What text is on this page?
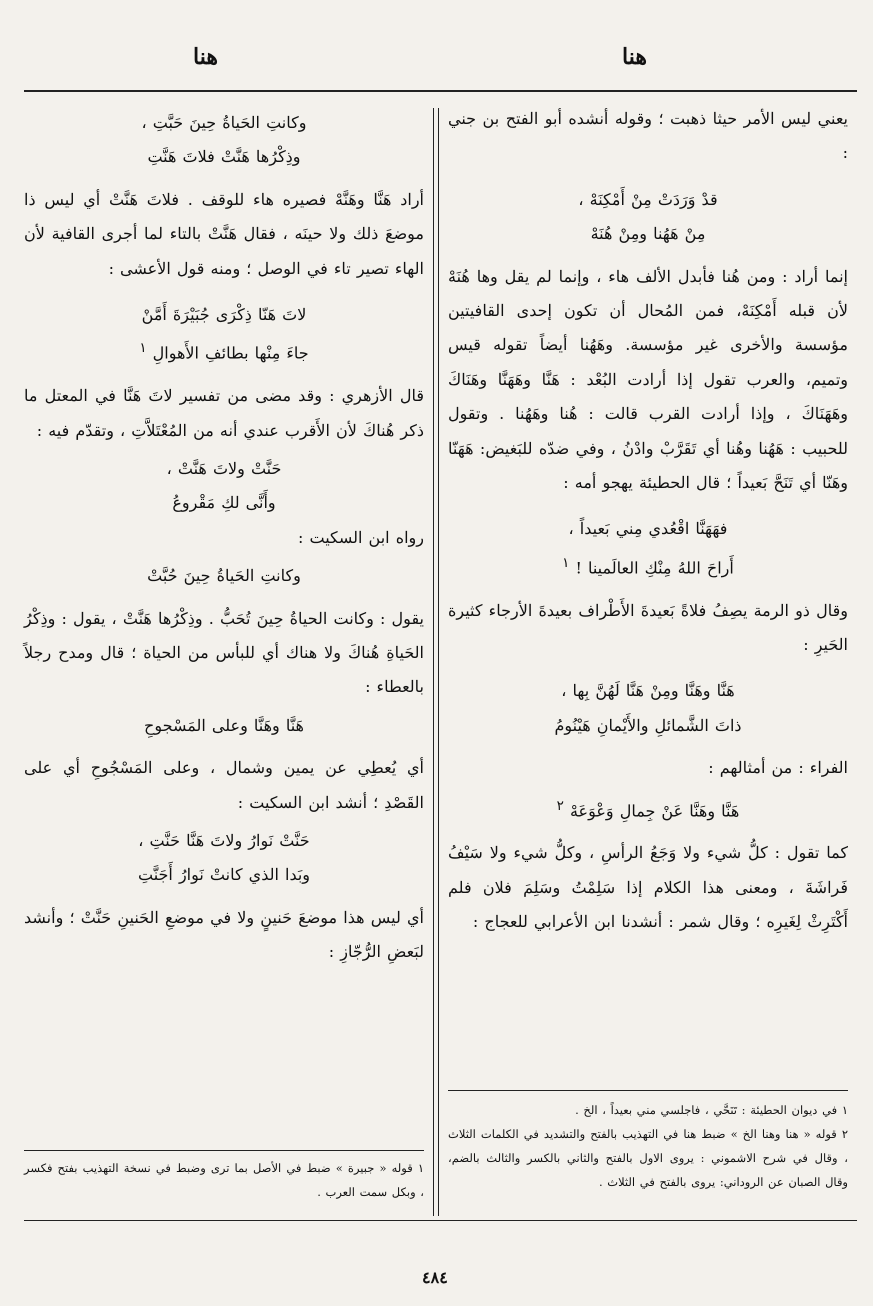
هنا
هنا

يعني ليس الأمر حيثا ذهبت ؛ وقوله أنشده أبو الفتح بن جني :

قدْ وَرَدَتْ مِنْ أَمْكِنَهْ ،

مِنْ هَهُنا ومِنْ هُنَهْ

إنما أراد : ومن هُنا فأبدل الألف هاء ، وإنما لم يقل وها هُنَهْ لأن قبله أَمْكِنَهْ، فمن المُحال أن تكون إحدى القافيتين مؤسسة والأخرى غير مؤسسة. وهَهُنا أيضاً تقوله قيس وتميم، والعرب تقول إذا أرادت البُعْد : هَنَّا وهَهَنَّا وهَنَاكَ وهَهَنَاكَ ، وإذا أرادت القرب قالت : هُنا وهَهُنا . وتقول للحبيب : هَهُنا وهُنا أي تَقَرَّبْ وادْنُ ، وفي ضدّه للبَغيض: هَهَنّا وهَنّا أي تَنَحَّ بَعيداً ؛ قال الحطيئة يهجو أمه :

فهَهَنَّا اقْعُدي مِني بَعيداً ،

أَراحَ اللهُ مِنْكِ العالَمينا ! $^١$

وقال ذو الرمة يصِفُ فلاةً بَعيدةَ الأَطْراف بعيدةَ الأرجاء كثيرة الحَيرِ :

هَنَّا وهَنَّا ومِنْ هَنَّا لَهُنَّ بِها ،

ذاتَ الشَّمائلِ والأَيْمانِ هَيْنُومُ

الفراء : من أمثالهم :

هَنَّا وهَنَّا عَنْ جِمالِ وَعْوَعَهْ $^٢$

كما تقول : كلُّ شيء ولا وَجَعُ الرأسِ ، وكلُّ شيء ولا سَيْفُ فَراشَةَ ، ومعنى هذا الكلام إذا سَلِمْتُ وسَلِمَ فلان فلم أَكْتَرِثْ لِغَيرِه ؛ وقال شمر : أنشدنا ابن الأعرابي للعجاج :

١ في ديوان الحطيئة : تَنَحَّي ، فاجلسي مني بعيداً ، الخ .

٢ قوله « هنا وهنا الخ » ضبط هنا في التهذيب بالفتح والتشديد في الكلمات الثلاث ، وقال في شرح الاشموني : يروى الاول بالفتح والثاني بالكسر والثالث بالضم، وقال الصبان عن الروداني: يروى بالفتح في الثلاث .

وكانتِ الحَياةُ حِينَ حَبَّتِ ،

وذِكْرُها هَنَّتْ فلاتَ هَنَّتِ

أراد هَنَّا وهَنَّهْ فصيره هاء للوقف . فلاتَ هَنَّتْ أي ليس ذا موضعَ ذلك ولا حينَه ، فقال هَنَّتْ بالتاء لما أجرى القافية لأن الهاء تصير تاء في الوصل ؛ ومنه قول الأعشى :

لاتَ هَنّا ذِكْرَى جُبَيْرَةَ أَمَّنْ

جاءَ مِنْها بطائفِ الأَهوالِ $^١$

قال الأزهري : وقد مضى من تفسير لاتَ هَنَّا في المعتل ما ذكر هُناكَ لأن الأَقرب عندي أنه من المُعْتَلاَّتِ ، وتقدّم فيه :

حَنَّتْ ولاتَ هَنَّتْ ،

وأَنَّى لكِ مَقْروعُ

رواه ابن السكيت :

وكانتِ الحَياةُ حِينَ حُبَّتْ

يقول : وكانت الحياةُ حِينَ تُحَبُّ . وذِكْرُها هَنَّتْ ، يقول : وذِكْرُ الحَياةِ هُناكَ ولا هناك أي للبأس من الحياة ؛ قال ومدح رجلاً بالعطاء :

هَنَّا وهَنَّا وعلى المَسْجوحِ

أي يُعطِي عن يمين وشمال ، وعلى المَسْجُوحِ أي على القَصْدِ ؛ أنشد ابن السكيت :

حَنَّتْ نَوارُ ولاتَ هَنَّا حَنَّتِ ،

وبَدا الذي كانتْ نَوارُ أَجَنَّتِ

أي ليس هذا موضعَ حَنينٍ ولا في موضعِ الحَنينِ حَنَّتْ ؛ وأنشد لبَعضِ الرُّجّازِ :

١ قوله « جبيرة » ضبط في الأصل بما ترى وضبط في نسخة التهذيب بفتح فكسر ، وبكل سمت العرب .

٤٨٤
